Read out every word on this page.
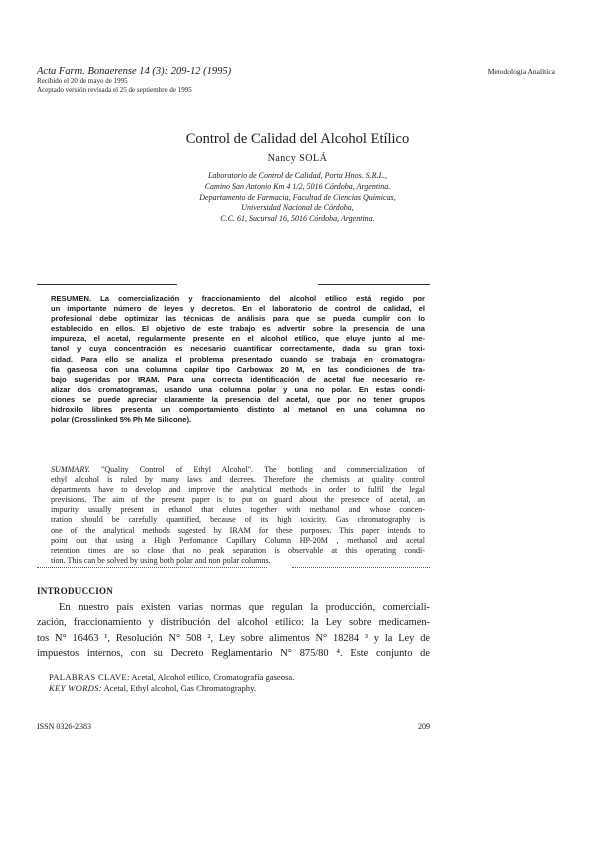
Acta Farm. Bonaerense 14 (3): 209-12 (1995)
Recibido el 20 de mayo de 1995
Aceptado versión revisada el 25 de septiembre de 1995
Metodología Analítica
Control de Calidad del Alcohol Etílico
Nancy SOLÁ
Laboratorio de Control de Calidad, Porta Hnos. S.R.L.,
Camino San Antonio Km 4 1/2, 5016 Córdoba, Argentina.
Departamento de Farmacia, Facultad de Ciencias Químicas,
Universidad Nacional de Córdoba,
C.C. 61, Sucursal 16, 5016 Córdoba, Argentina.
RESUMEN. La comercialización y fraccionamiento del alcohol etílico está regido por
un importante número de leyes y decretos. En el laboratorio de control de calidad, el
profesional debe optimizar las técnicas de análisis para que se pueda cumplir con lo
establecido en ellos. El objetivo de este trabajo es advertir sobre la presencia de una
impureza, el acetal, regularmente presente en el alcohol etílico, que eluye junto al me-
tanol y cuya concentración es necesario cuantificar correctamente, dada su gran toxi-
cidad. Para ello se analiza el problema presentado cuando se trabaja en cromatogra-
fía gaseosa con una columna capilar tipo Carbowax 20 M, en las condiciones de tra-
bajo sugeridas por IRAM. Para una correcta identificación de acetal fue necesario re-
alizar dos cromatogramas, usando una columna polar y una no polar. En estas condi-
ciones se puede apreciar claramente la presencia del acetal, que por no tener grupos
hidroxilo libres presenta un comportamiento distinto al metanol en una columna no
polar (Crosslinked 5% Ph Me Silicone).
SUMMARY. "Quality Control of Ethyl Alcohol". The bottling and commercialization of
ethyl alcohol is ruled by many laws and decrees. Therefore the chemists at quality control
departments have to develop and improve the analytical methods in order to fulfil the legal
previsions. The aim of the present paper is to put on guard about the presence of acetal, an
impurity usually present in ethanol that elutes together with methanol and whose concen-
tration should be carefully quantified, because of its high toxicity. Gas chromatography is
one of the analytical methods sugested by IRAM for these purposes. This paper intends to
point out that using a High Perfomance Capillary Column HP-20M , methanol and acetal
retention times are so close that no peak separation is observable at this operating condi-
tion. This can be solved by using both polar and non polar columns.
INTRODUCCION
En nuestro país existen varias normas que regulan la producción, comerciali-
zación, fraccionamiento y distribución del alcohol etílico: la Ley sobre medicamen-
tos N° 16463 ¹, Resolución N° 508 ², Ley sobre alimentos N° 18284 ³ y la Ley de
impuestos internos, con su Decreto Reglamentario N° 875/80 ⁴. Este conjunto de
PALABRAS CLAVE: Acetal, Alcohol etílico, Cromatografía gaseosa.
KEY WORDS: Acetal, Ethyl alcohol, Gas Chromatography.
ISSN 0326-2383	209
